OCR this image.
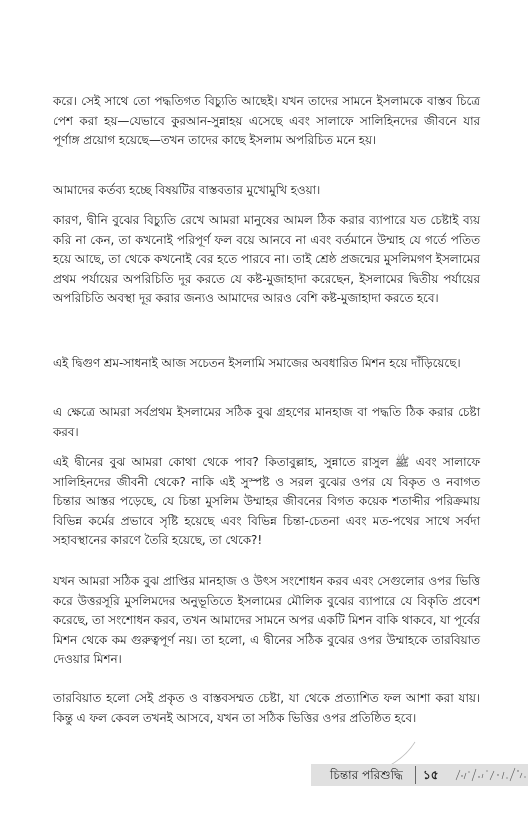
করে। সেই সাথে তো পদ্ধতিগত বিচ্যুতি আছেই। যখন তাদের সামনে ইসলামকে বাস্তব চিত্রে পেশ করা হয়—যেভাবে কুরআন-সুন্নাহয় এসেছে এবং সালাফে সালিহিনদের জীবনে যার পূর্ণাঙ্গ প্রয়োগ হয়েছে—তখন তাদের কাছে ইসলাম অপরিচিত মনে হয়।

আমাদের কর্তব্য হচ্ছে বিষয়টির বাস্তবতার মুখোমুখি হওয়া।

কারণ, দ্বীনি বুঝের বিচ্যুতি রেখে আমরা মানুষের আমল ঠিক করার ব্যাপারে যত চেষ্টাই ব্যয় করি না কেন, তা কখনোই পরিপূর্ণ ফল বয়ে আনবে না এবং বর্তমানে উম্মাহ যে গর্তে পতিত হয়ে আছে, তা থেকে কখনোই বের হতে পারবে না। তাই শ্রেষ্ঠ প্রজন্মের মুসলিমগণ ইসলামের প্রথম পর্যায়ের অপরিচিতি দূর করতে যে কষ্ট-মুজাহাদা করেছেন, ইসলামের দ্বিতীয় পর্যায়ের অপরিচিতি অবস্থা দূর করার জন্যও আমাদের আরও বেশি কষ্ট-মুজাহাদা করতে হবে।

এই দ্বিগুণ শ্রম-সাধনাই আজ সচেতন ইসলামি সমাজের অবধারিত মিশন হয়ে দাঁড়িয়েছে।

এ ক্ষেত্রে আমরা সর্বপ্রথম ইসলামের সঠিক বুঝ গ্রহণের মানহাজ বা পদ্ধতি ঠিক করার চেষ্টা করব।

এই দ্বীনের বুঝ আমরা কোথা থেকে পাব? কিতাবুল্লাহ, সুন্নাতে রাসুল ﷺ এবং সালাফে সালিহিনদের জীবনী থেকে? নাকি এই সুস্পষ্ট ও সরল বুঝের ওপর যে বিকৃত ও নবাগত চিন্তার আস্তর পড়েছে, যে চিন্তা মুসলিম উম্মাহর জীবনের বিগত কয়েক শতাব্দীর পরিক্রমায় বিভিন্ন কর্মের প্রভাবে সৃষ্টি হয়েছে এবং বিভিন্ন চিন্তা-চেতনা এবং মত-পথের সাথে সর্বদা সহাবস্থানের কারণে তৈরি হয়েছে, তা থেকে?!

যখন আমরা সঠিক বুঝ প্রাপ্তির মানহাজ ও উৎস সংশোধন করব এবং সেগুলোর ওপর ভিত্তি করে উত্তরসূরি মুসলিমদের অনুভূতিতে ইসলামের মৌলিক বুঝের ব্যাপারে যে বিকৃতি প্রবেশ করেছে, তা সংশোধন করব, তখন আমাদের সামনে অপর একটি মিশন বাকি থাকবে, যা পূর্বের মিশন থেকে কম গুরুত্বপূর্ণ নয়। তা হলো, এ দ্বীনের সঠিক বুঝের ওপর উম্মাহকে তারবিয়াত দেওয়ার মিশন।

তারবিয়াত হলো সেই প্রকৃত ও বাস্তবসম্মত চেষ্টা, যা থেকে প্রত্যাশিত ফল আশা করা যায়। কিন্তু এ ফল কেবল তখনই আসবে, যখন তা সঠিক ভিত্তির ওপর প্রতিষ্ঠিত হবে।

চিন্তার পরিশুদ্ধি ১৫
